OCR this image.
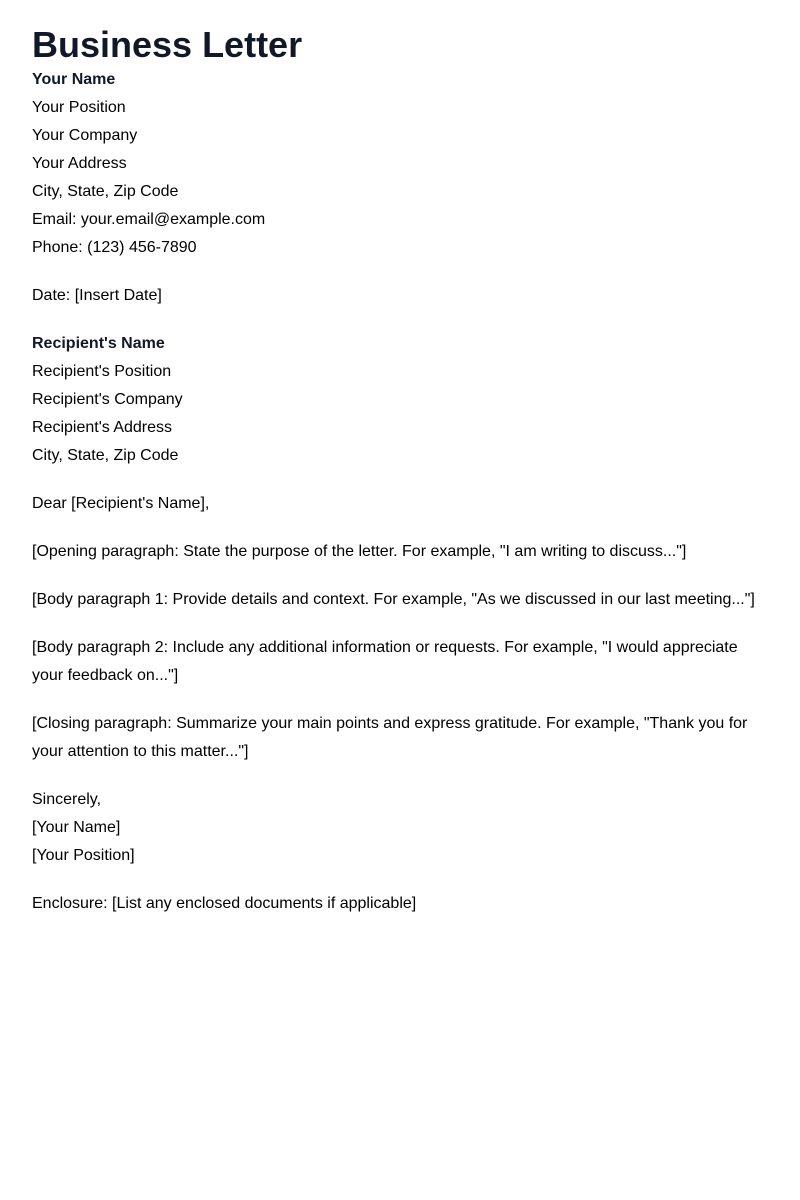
Business Letter
Your Name
Your Position
Your Company
Your Address
City, State, Zip Code
Email: your.email@example.com
Phone: (123) 456-7890
Date: [Insert Date]
Recipient's Name
Recipient's Position
Recipient's Company
Recipient's Address
City, State, Zip Code
Dear [Recipient's Name],
[Opening paragraph: State the purpose of the letter. For example, "I am writing to discuss..."]
[Body paragraph 1: Provide details and context. For example, "As we discussed in our last meeting..."]
[Body paragraph 2: Include any additional information or requests. For example, "I would appreciate your feedback on..."]
[Closing paragraph: Summarize your main points and express gratitude. For example, "Thank you for your attention to this matter..."]
Sincerely,
[Your Name]
[Your Position]
Enclosure: [List any enclosed documents if applicable]
